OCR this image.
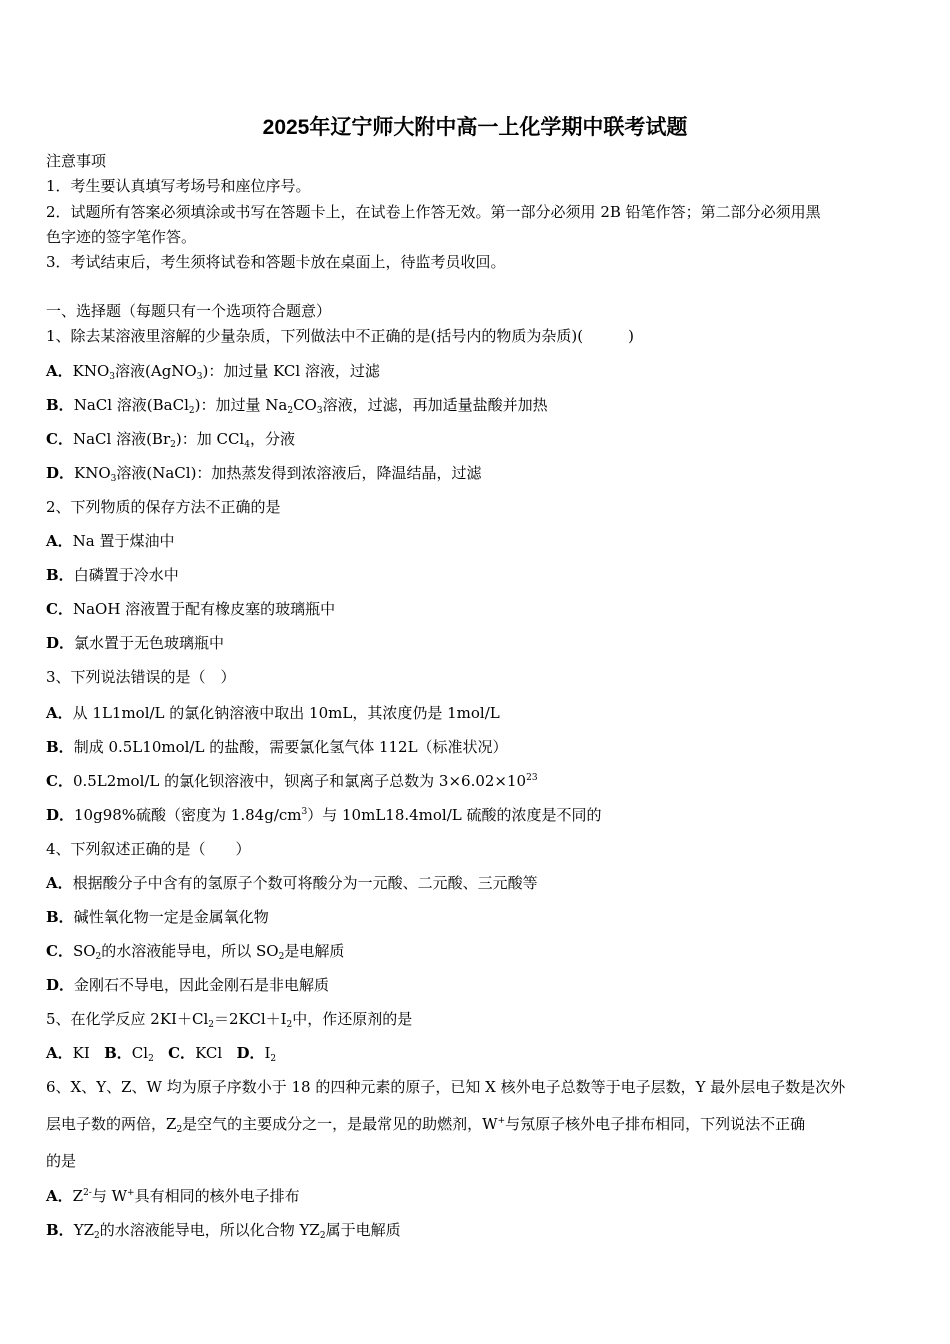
2025年辽宁师大附中高一上化学期中联考试题
注意事项
1．考生要认真填写考场号和座位序号。
2．试题所有答案必须填涂或书写在答题卡上，在试卷上作答无效。第一部分必须用 2B 铅笔作答；第二部分必须用黑
色字迹的签字笔作答。
3．考试结束后，考生须将试卷和答题卡放在桌面上，待监考员收回。
一、选择题（每题只有一个选项符合题意）
1、除去某溶液里溶解的少量杂质，下列做法中不正确的是(括号内的物质为杂质)(　　　)
A．$KNO_3$溶液(AgNO$_3$)：加过量 KCl 溶液，过滤
B．NaCl 溶液(BaCl$_2$)：加过量 $Na_2CO_3$溶液，过滤，再加适量盐酸并加热
C．NaCl 溶液$(Br_2)$：加 CCl$_4$，分液
D．$KNO_3$溶液(NaCl)：加热蒸发得到浓溶液后，降温结晶，过滤
2、下列物质的保存方法不正确的是
A．Na 置于煤油中
B．白磷置于冷水中
C．NaOH 溶液置于配有橡皮塞的玻璃瓶中
D．氯水置于无色玻璃瓶中
3、下列说法错误的是（　）
A．从 1L1mol/L 的氯化钠溶液中取出 10mL，其浓度仍是 1mol/L
B．制成 0.5L10mol/L 的盐酸，需要氯化氢气体 112L（标准状况）
C．0.5L2mol/L 的氯化钡溶液中，钡离子和氯离子总数为 $3\times 6.02\times 10^{23}$
D．10g98%硫酸（密度为 $1.84g/cm^3$）与 10mL18.4mol/L 硫酸的浓度是不同的
4、下列叙述正确的是（　　）
A．根据酸分子中含有的氢原子个数可将酸分为一元酸、二元酸、三元酸等
B．碱性氧化物一定是金属氧化物
C．$SO_2$的水溶液能导电，所以 $SO_2$是电解质
D．金刚石不导电，因此金刚石是非电解质
5、在化学反应 $2KI+Cl_2=2KCl+I_2$中，作还原剂的是
A．KI B．$Cl_2$ C．KCl D．$I_2$
6、X、Y、Z、W 均为原子序数小于 18 的四种元素的原子，已知 X 核外电子总数等于电子层数，Y 最外层电子数是次外
层电子数的两倍，$Z_2$是空气的主要成分之一，是最常见的助燃剂，W+与氖原子核外电子排布相同，下列说法不正确
的是
A．$Z^{2-}$与 W+具有相同的核外电子排布
B．$YZ_2$的水溶液能导电，所以化合物 $YZ_2$属于电解质
